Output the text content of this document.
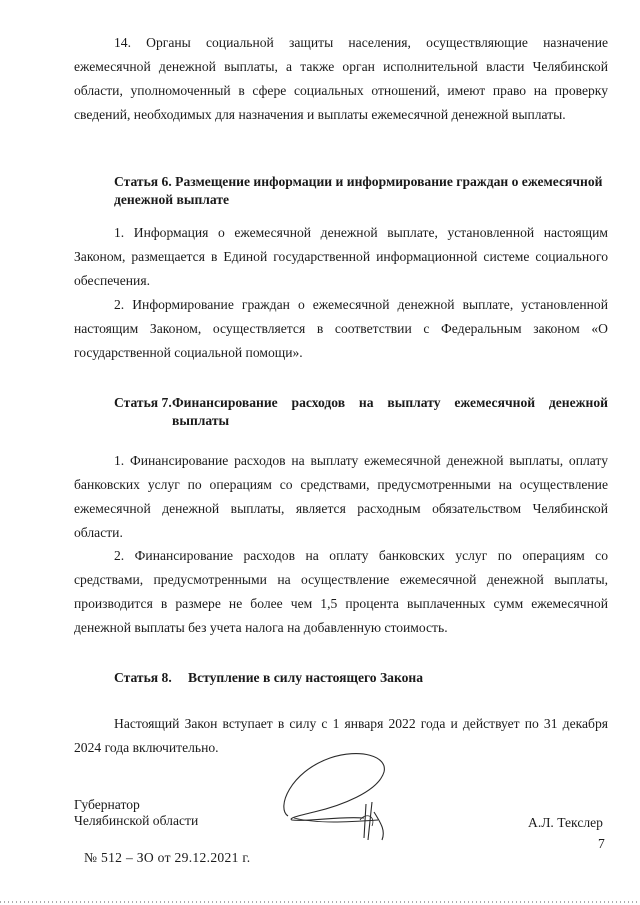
14. Органы социальной защиты населения, осуществляющие назначение ежемесячной денежной выплаты, а также орган исполнительной власти Челябинской области, уполномоченный в сфере социальных отношений, имеют право на проверку сведений, необходимых для назначения и выплаты ежемесячной денежной выплаты.

Статья 6. Размещение информации и информирование граждан о ежемесячной денежной выплате

1. Информация о ежемесячной денежной выплате, установленной настоящим Законом, размещается в Единой государственной информационной системе социального обеспечения.

2. Информирование граждан о ежемесячной денежной выплате, установленной настоящим Законом, осуществляется в соответствии с Федеральным законом «О государственной социальной помощи».

Статья 7. Финансирование расходов на выплату ежемесячной денежной выплаты

1. Финансирование расходов на выплату ежемесячной денежной выплаты, оплату банковских услуг по операциям со средствами, предусмотренными на осуществление ежемесячной денежной выплаты, является расходным обязательством Челябинской области.

2. Финансирование расходов на оплату банковских услуг по операциям со средствами, предусмотренными на осуществление ежемесячной денежной выплаты, производится в размере не более чем 1,5 процента выплаченных сумм ежемесячной денежной выплаты без учета налога на добавленную стоимость.

Статья 8.	Вступление в силу настоящего Закона

Настоящий Закон вступает в силу с 1 января 2022 года и действует по 31 декабря 2024 года включительно.

Губернатор
Челябинской области	А.Л. Текслер
7
№ 512 – ЗО от 29.12.2021 г.
